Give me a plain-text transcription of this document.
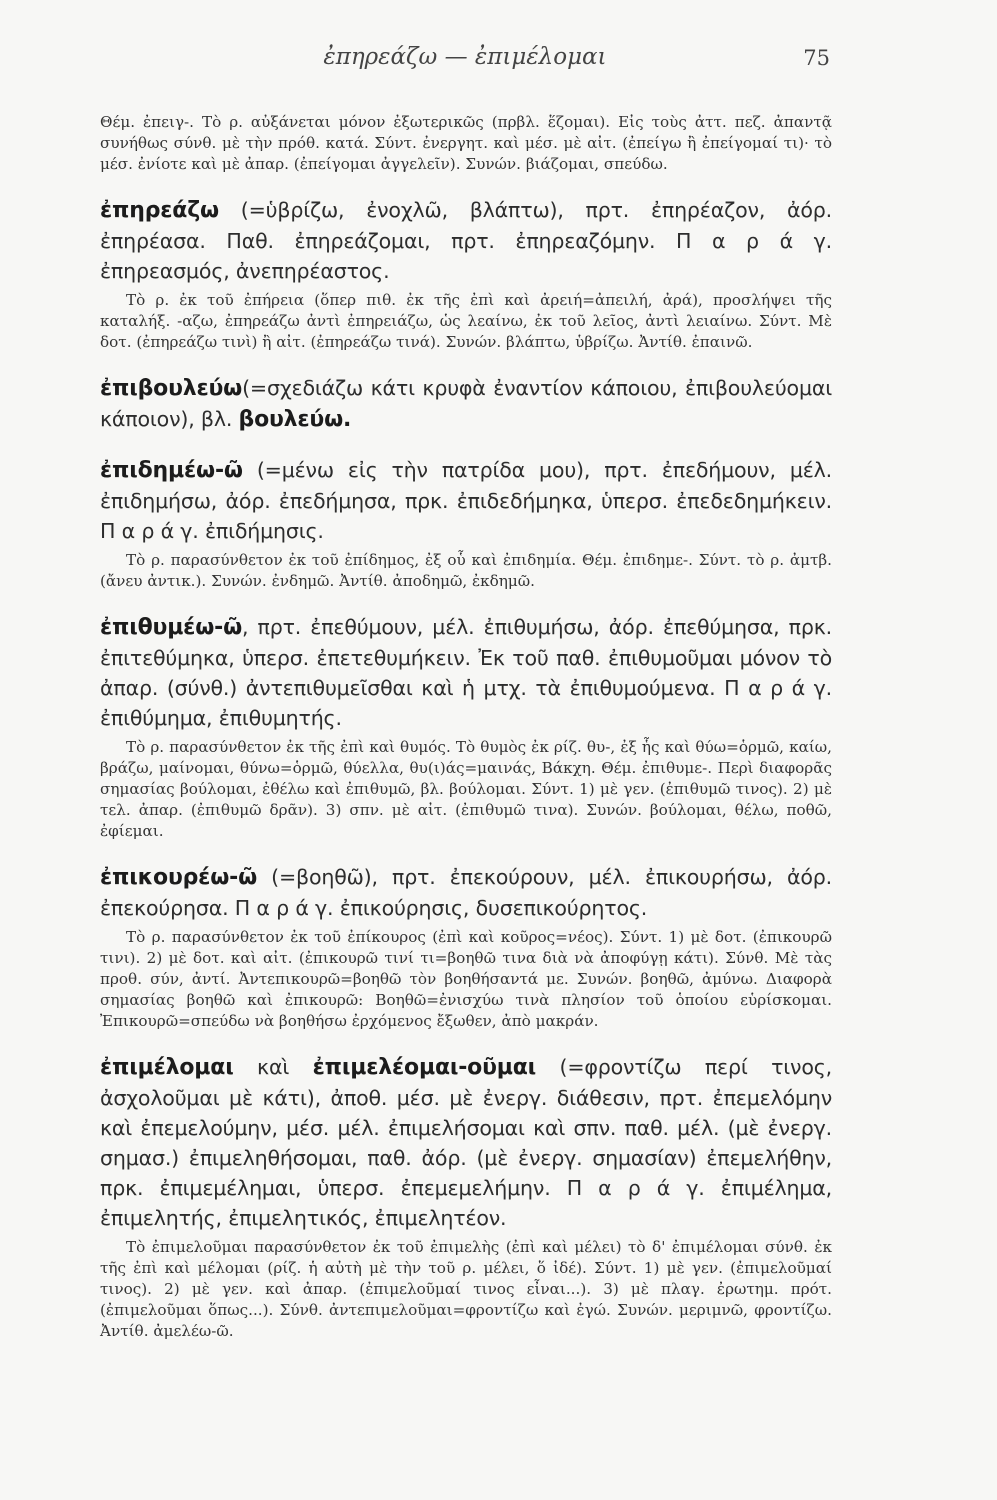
ἐπηρεάζω — ἐπιμέλομαι	75

Θέμ. ἐπειγ-. Τὸ ρ. αὐξάνεται μόνον ἐξωτερικῶς (πρβλ. ἕζομαι). Εἰς τοὺς ἀττ. πεζ. ἀπαντᾷ συνήθως σύνθ. μὲ τὴν πρόθ. κατά. Σύντ. ἐνεργητ. καὶ μέσ. μὲ αἰτ. (ἐπείγω ἢ ἐπείγομαί τι)· τὸ μέσ. ἐνίοτε καὶ μὲ ἀπαρ. (ἐπείγομαι ἀγγελεῖν). Συνών. βιάζομαι, σπεύδω.

ἐπηρεάζω (=ὑβρίζω, ἐνοχλῶ, βλάπτω), πρτ. ἐπηρέαζον, ἀόρ. ἐπηρέασα. Παθ. ἐπηρεάζομαι, πρτ. ἐπηρεαζόμην. Π α ρ ά γ. ἐπηρεασμός, ἀνεπηρέαστος.

Τὸ ρ. ἐκ τοῦ ἐπήρεια (ὅπερ πιθ. ἐκ τῆς ἐπὶ καὶ ἀρειή=ἀπειλή, ἀρά), προσλήψει τῆς καταλήξ. -αζω, ἐπηρεάζω ἀντὶ ἐπηρειάζω, ὡς λεαίνω, ἐκ τοῦ λεῖος, ἀντὶ λειαίνω. Σύντ. Μὲ δοτ. (ἐπηρεάζω τινὶ) ἢ αἰτ. (ἐπηρεάζω τινά). Συνών. βλάπτω, ὑβρίζω. Ἀντίθ. ἐπαινῶ.

ἐπιβουλεύω(=σχεδιάζω κάτι κρυφὰ ἐναντίον κάποιου, ἐπιβουλεύομαι κάποιον), βλ. βουλεύω.

ἐπιδημέω-ῶ (=μένω εἰς τὴν πατρίδα μου), πρτ. ἐπεδήμουν, μέλ. ἐπιδημήσω, ἀόρ. ἐπεδήμησα, πρκ. ἐπιδεδήμηκα, ὑπερσ. ἐπεδεδημήκειν. Π α ρ ά γ. ἐπιδήμησις.

Τὸ ρ. παρασύνθετον ἐκ τοῦ ἐπίδημος, ἐξ οὗ καὶ ἐπιδημία. Θέμ. ἐπιδημε-. Σύντ. τὸ ρ. ἀμτβ. (ἄνευ ἀντικ.). Συνών. ἐνδημῶ. Ἀντίθ. ἀποδημῶ, ἐκδημῶ.

ἐπιθυμέω-ῶ, πρτ. ἐπεθύμουν, μέλ. ἐπιθυμήσω, ἀόρ. ἐπεθύμησα, πρκ. ἐπιτεθύμηκα, ὑπερσ. ἐπετεθυμήκειν. Ἐκ τοῦ παθ. ἐπιθυμοῦμαι μόνον τὸ ἀπαρ. (σύνθ.) ἀντεπιθυμεῖσθαι καὶ ἡ μτχ. τὰ ἐπιθυμούμενα. Π α ρ ά γ. ἐπιθύμημα, ἐπιθυμητής.

Τὸ ρ. παρασύνθετον ἐκ τῆς ἐπὶ καὶ θυμός. Τὸ θυμὸς ἐκ ρίζ. θυ-, ἐξ ἧς καὶ θύω=ὁρμῶ, καίω, βράζω, μαίνομαι, θύνω=ὁρμῶ, θύελλα, θυ(ι)άς=μαινάς, Βάκχη. Θέμ. ἐπιθυμε-. Περὶ διαφορᾶς σημασίας βούλομαι, ἐθέλω καὶ ἐπιθυμῶ, βλ. βούλομαι. Σύντ. 1) μὲ γεν. (ἐπιθυμῶ τινος). 2) μὲ τελ. ἀπαρ. (ἐπιθυμῶ δρᾶν). 3) σπν. μὲ αἰτ. (ἐπιθυμῶ τινα). Συνών. βούλομαι, θέλω, ποθῶ, ἐφίεμαι.

ἐπικουρέω-ῶ (=βοηθῶ), πρτ. ἐπεκούρουν, μέλ. ἐπικουρήσω, ἀόρ. ἐπεκούρησα. Π α ρ ά γ. ἐπικούρησις, δυσεπικούρητος.

Τὸ ρ. παρασύνθετον ἐκ τοῦ ἐπίκουρος (ἐπὶ καὶ κοῦρος=νέος). Σύντ. 1) μὲ δοτ. (ἐπικουρῶ τινι). 2) μὲ δοτ. καὶ αἰτ. (ἐπικουρῶ τινί τι=βοηθῶ τινα διὰ νὰ ἀποφύγῃ κάτι). Σύνθ. Μὲ τὰς προθ. σύν, ἀντί. Ἀντεπικουρῶ=βοηθῶ τὸν βοηθήσαντά με. Συνών. βοηθῶ, ἀμύνω. Διαφορὰ σημασίας βοηθῶ καὶ ἐπικουρῶ: Βοηθῶ=ἐνισχύω τινὰ πλησίον τοῦ ὁποίου εὑρίσκομαι. Ἐπικουρῶ=σπεύδω νὰ βοηθήσω ἐρχόμενος ἔξωθεν, ἀπὸ μακράν.

ἐπιμέλομαι καὶ ἐπιμελέομαι-οῦμαι (=φροντίζω περί τινος, ἀσχολοῦμαι μὲ κάτι), ἀποθ. μέσ. μὲ ἐνεργ. διάθεσιν, πρτ. ἐπεμελόμην καὶ ἐπεμελούμην, μέσ. μέλ. ἐπιμελήσομαι καὶ σπν. παθ. μέλ. (μὲ ἐνεργ. σημασ.) ἐπιμεληθήσομαι, παθ. ἀόρ. (μὲ ἐνεργ. σημασίαν) ἐπεμελήθην, πρκ. ἐπιμεμέλημαι, ὑπερσ. ἐπεμεμελήμην. Π α ρ ά γ. ἐπιμέλημα, ἐπιμελητής, ἐπιμελητικός, ἐπιμελητέον.

Τὸ ἐπιμελοῦμαι παρασύνθετον ἐκ τοῦ ἐπιμελὴς (ἐπὶ καὶ μέλει) τὸ δ' ἐπιμέλομαι σύνθ. ἐκ τῆς ἐπὶ καὶ μέλομαι (ρίζ. ἡ αὐτὴ μὲ τὴν τοῦ ρ. μέλει, ὅ ἰδέ). Σύντ. 1) μὲ γεν. (ἐπιμελοῦμαί τινος). 2) μὲ γεν. καὶ ἀπαρ. (ἐπιμελοῦμαί τινος εἶναι...). 3) μὲ πλαγ. ἐρωτημ. πρότ. (ἐπιμελοῦμαι ὅπως...). Σύνθ. ἀντεπιμελοῦμαι=φροντίζω καὶ ἐγώ. Συνών. μεριμνῶ, φροντίζω. Ἀντίθ. ἀμελέω-ῶ.
